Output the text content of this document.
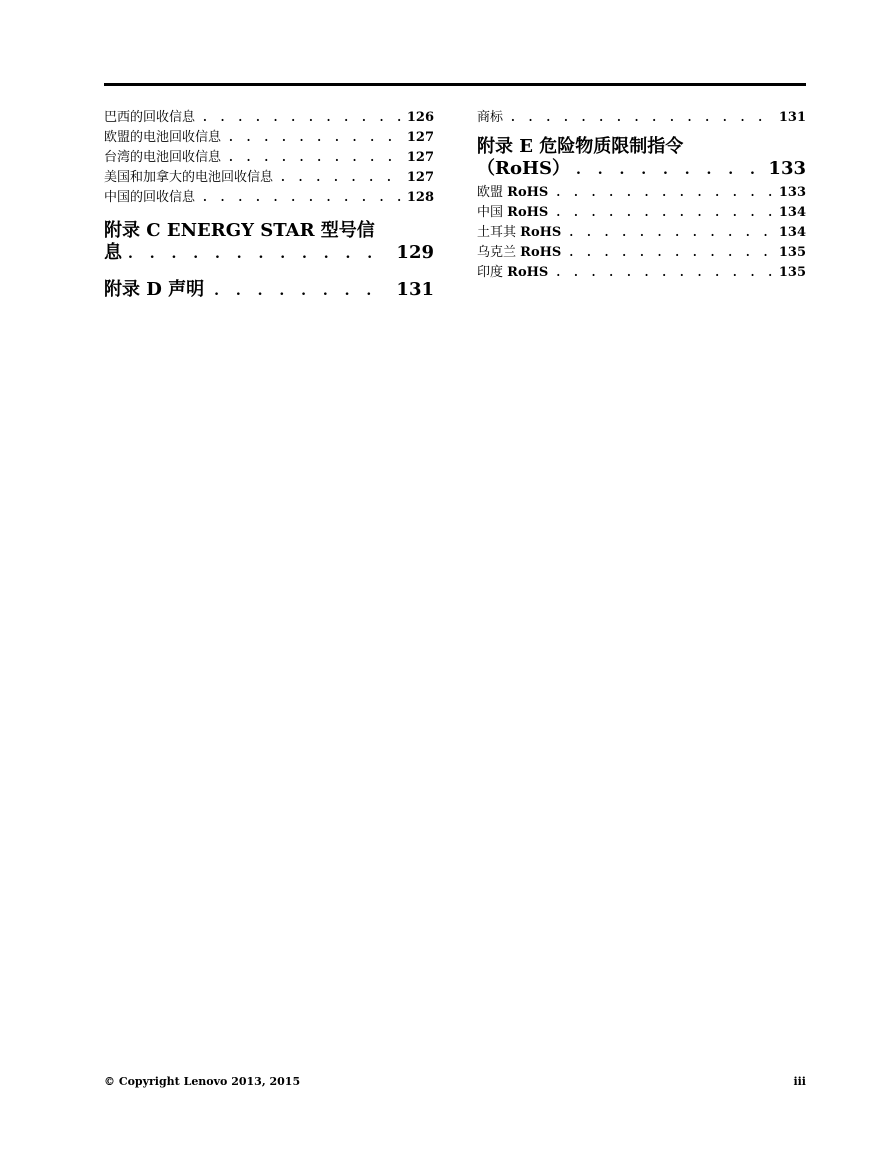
巴西的回收信息 . . .	126
欧盟的电池回收信息 . . .	127
台湾的电池回收信息 . . .	127
美国和加拿大的电池回收信息 . . .	127
中国的回收信息 . . .	128
附录 C ENERGY STAR 型号信
息 . . .	129
附录 D 声明 . . .	131
商标 . . .	131
附录 E 危险物质限制指令
（RoHS） . . .	133
欧盟 RoHS . . .	133
中国 RoHS . . .	134
土耳其 RoHS . . .	134
乌克兰 RoHS . . .	135
印度 RoHS . . .	135
© Copyright Lenovo 2013, 2015	iii
